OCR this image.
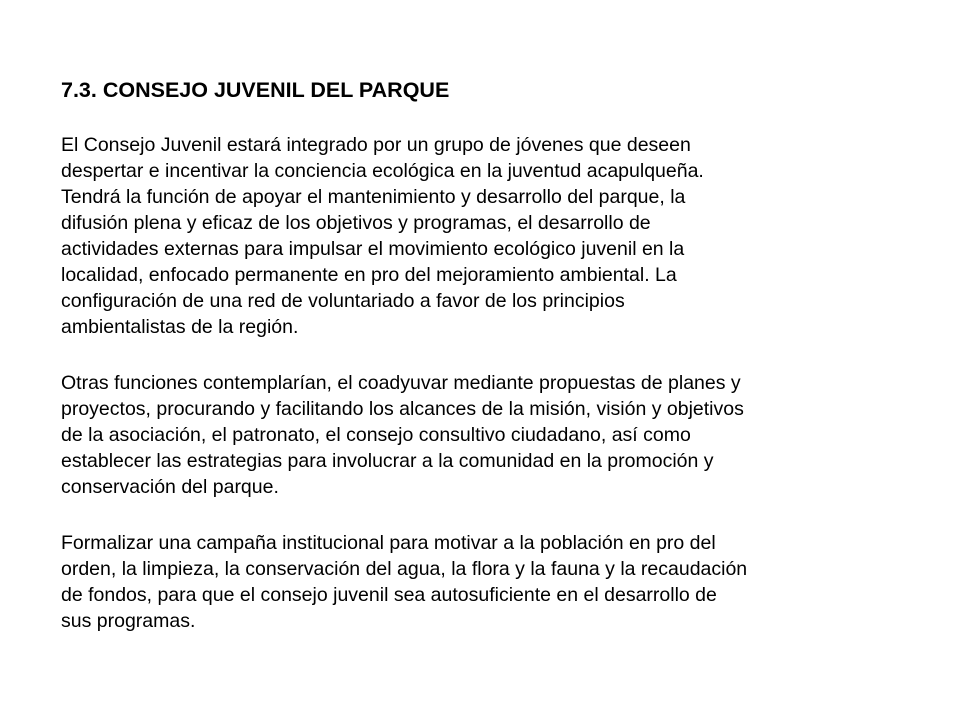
7.3. CONSEJO JUVENIL DEL PARQUE
El Consejo Juvenil estará integrado por un grupo de jóvenes que deseen
despertar e incentivar la conciencia ecológica en la juventud acapulqueña.
Tendrá la función de apoyar el mantenimiento y desarrollo del parque, la
difusión plena y eficaz de los objetivos y programas, el desarrollo de
actividades externas para impulsar el movimiento ecológico juvenil en la
localidad, enfocado permanente en pro del mejoramiento ambiental. La
configuración de una red de voluntariado a favor de los principios
ambientalistas de la región.
Otras funciones contemplarían, el coadyuvar mediante propuestas de planes y
proyectos, procurando y facilitando los alcances de la misión, visión y objetivos
de la asociación, el patronato, el consejo consultivo ciudadano, así como
establecer las estrategias para involucrar a la comunidad en la promoción y
conservación del parque.
Formalizar una campaña institucional para motivar a la población en pro del
orden, la limpieza, la conservación del agua, la flora y la fauna y la recaudación
de fondos, para que el consejo juvenil sea autosuficiente en el desarrollo de
sus programas.
